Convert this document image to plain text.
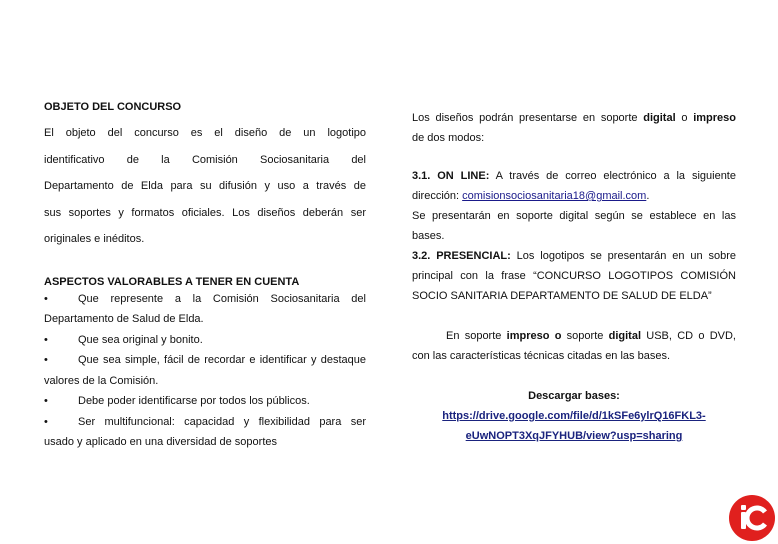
OBJETO DEL CONCURSO

El objeto del concurso es el diseño de un logotipo
identificativo de la Comisión Sociosanitaria del
Departamento de Elda para su difusión y uso a través de
sus soportes y formatos oficiales. Los diseños deberán ser
originales e inéditos.

ASPECTOS VALORABLES A TENER EN CUENTA

•	Que represente a la Comisión Sociosanitaria del
Departamento de Salud de Elda.
•	Que sea original y bonito.
•	Que sea simple, fácil de recordar e identificar y destaque
valores de la Comisión.
•	Debe poder identificarse por todos los públicos.
•	Ser multifuncional: capacidad y flexibilidad para ser
usado y aplicado en una diversidad de soportes
Los diseños podrán presentarse en soporte digital o impreso
de dos modos:
3.1. ON LINE: A través de correo electrónico a la siguiente
dirección: comisionsociosanitaria18@gmail.com.
Se presentarán en soporte digital según se establece en las
bases.
3.2. PRESENCIAL: Los logotipos se presentarán en un sobre
principal con la frase “CONCURSO LOGOTIPOS COMISIÓN
SOCIO SANITARIA DEPARTAMENTO DE SALUD DE ELDA”
En soporte impreso o soporte digital USB, CD o DVD,
con las características técnicas citadas en las bases.
Descargar bases:
https://drive.google.com/file/d/1kSFe6ylrQ16FKL3-
eUwNOPT3XqJFYHUB/view?usp=sharing
